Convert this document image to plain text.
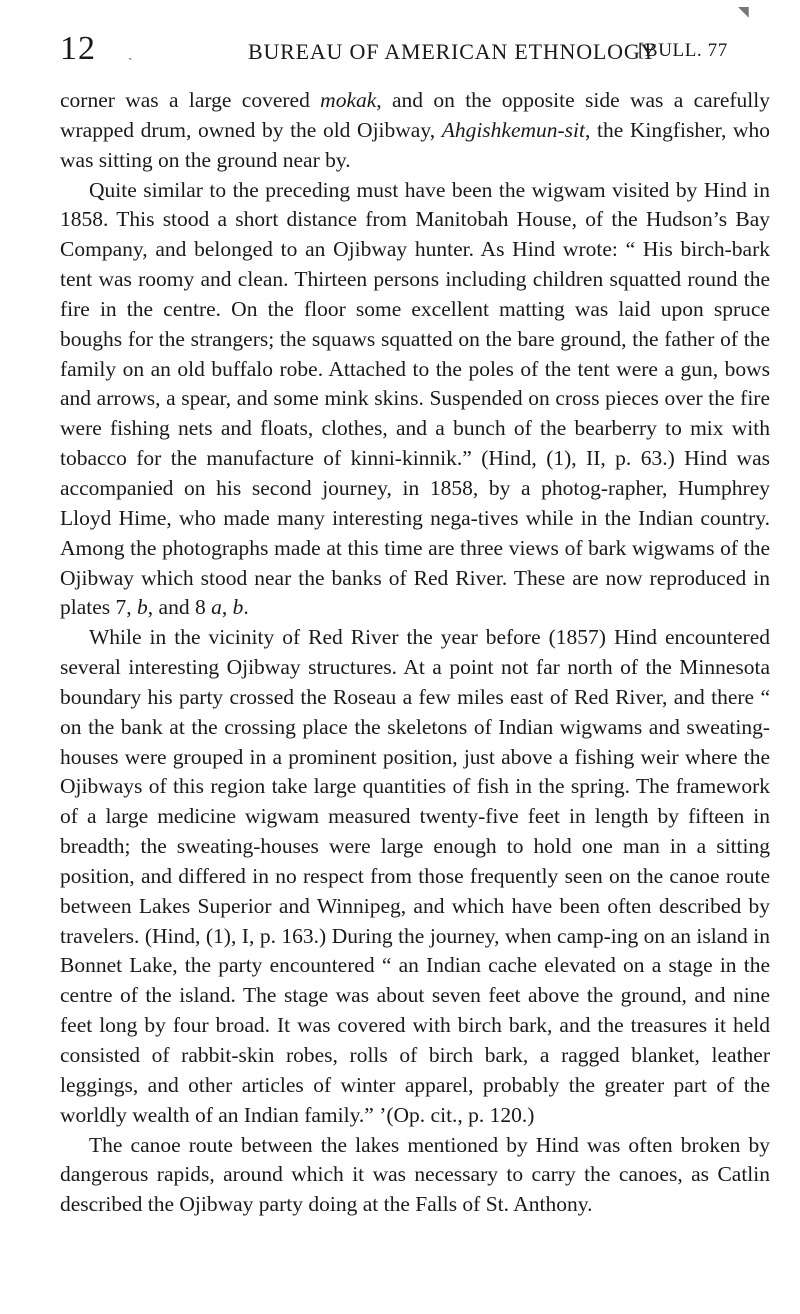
◥
12 ˏ	BUREAU OF AMERICAN ETHNOLOGY
[BULL. 77

corner was a large covered mokak, and on the opposite side was a carefully wrapped drum, owned by the old Ojibway, Ahgishkemun-sit, the Kingfisher, who was sitting on the ground near by.

Quite similar to the preceding must have been the wigwam visited by Hind in 1858. This stood a short distance from Manitobah House, of the Hudson’s Bay Company, and belonged to an Ojibway hunter. As Hind wrote: “ His birch-bark tent was roomy and clean. Thirteen persons including children squatted round the fire in the centre. On the floor some excellent matting was laid upon spruce boughs for the strangers; the squaws squatted on the bare ground, the father of the family on an old buffalo robe. Attached to the poles of the tent were a gun, bows and arrows, a spear, and some mink skins. Suspended on cross pieces over the fire were fishing nets and floats, clothes, and a bunch of the bearberry to mix with tobacco for the manufacture of kinni-kinnik.” (Hind, (1), II, p. 63.) Hind was accompanied on his second journey, in 1858, by a photog-rapher, Humphrey Lloyd Hime, who made many interesting nega-tives while in the Indian country. Among the photographs made at this time are three views of bark wigwams of the Ojibway which stood near the banks of Red River. These are now reproduced in plates 7, b, and 8 a, b.

While in the vicinity of Red River the year before (1857) Hind encountered several interesting Ojibway structures. At a point not far north of the Minnesota boundary his party crossed the Roseau a few miles east of Red River, and there “ on the bank at the crossing place the skeletons of Indian wigwams and sweating-houses were grouped in a prominent position, just above a fishing weir where the Ojibways of this region take large quantities of fish in the spring. The framework of a large medicine wigwam measured twenty-five feet in length by fifteen in breadth; the sweating-houses were large enough to hold one man in a sitting position, and differed in no respect from those frequently seen on the canoe route between Lakes Superior and Winnipeg, and which have been often described by travelers. (Hind, (1), I, p. 163.) During the journey, when camp-ing on an island in Bonnet Lake, the party encountered “ an Indian cache elevated on a stage in the centre of the island. The stage was about seven feet above the ground, and nine feet long by four broad. It was covered with birch bark, and the treasures it held consisted of rabbit-skin robes, rolls of birch bark, a ragged blanket, leather leggings, and other articles of winter apparel, probably the greater part of the worldly wealth of an Indian family.” ’(Op. cit., p. 120.)

The canoe route between the lakes mentioned by Hind was often broken by dangerous rapids, around which it was necessary to carry the canoes, as Catlin described the Ojibway party doing at the Falls of St. Anthony.
